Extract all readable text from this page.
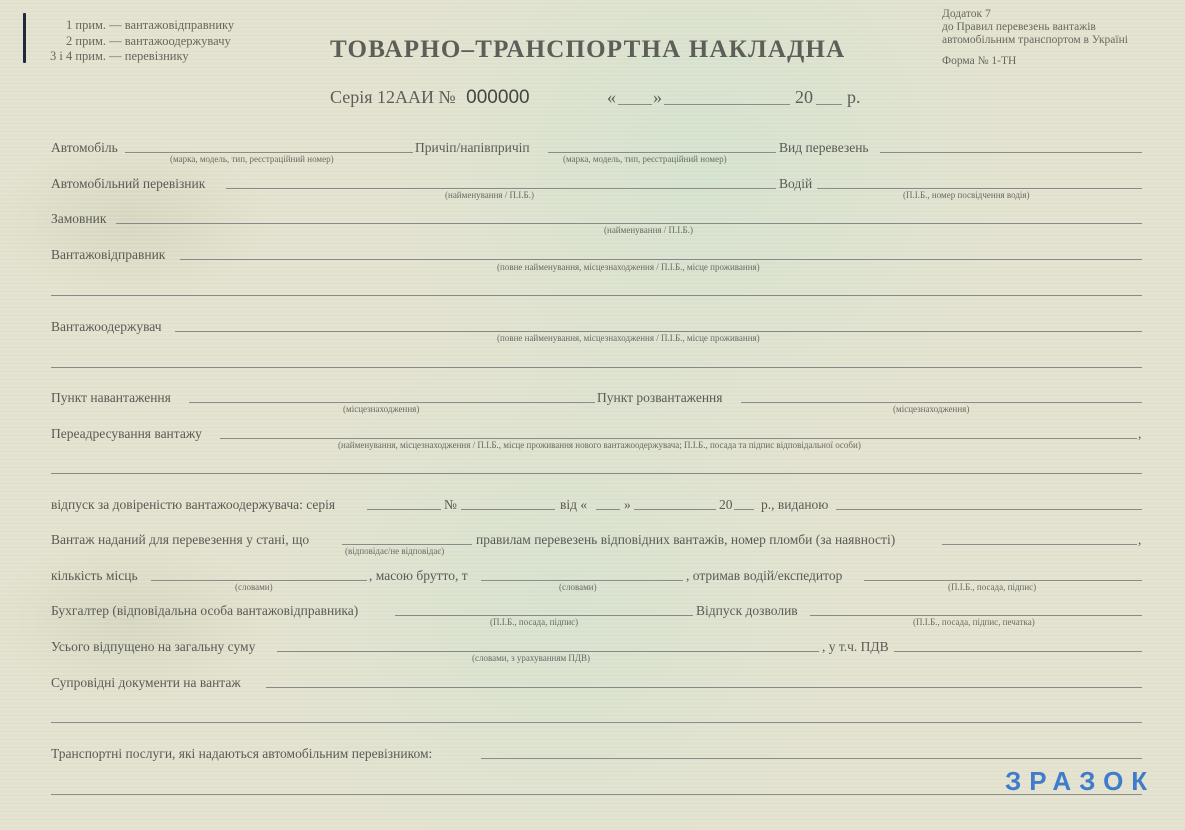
1 прим. — вантажовідправнику
2 прим. — вантажоодержувачу
3 і 4 прим. — перевізнику	ТОВАРНО–ТРАНСПОРТНА НАКЛАДНА
Серія 12ААИ № 000000	« »	20 р.
Додаток 7
до Правил перевезень вантажів
автомобільним транспортом в Україні
Форма № 1-ТН
Автомобіль
(марка, модель, тип, реєстраційний номер)
Причіп/напівпричіп
(марка, модель, тип, реєстраційний номер)
Вид перевезень
Автомобільний перевізник
(найменування / П.І.Б.)
Водій
(П.І.Б., номер посвідчення водія)
Замовник
(найменування / П.І.Б.)
Вантажовідправник
(повне найменування, місцезнаходження / П.І.Б., місце проживання)
Вантажоодержувач
(повне найменування, місцезнаходження / П.І.Б., місце проживання)
Пункт навантаження
(місцезнаходження)
Пункт розвантаження
(місцезнаходження)
Переадресування вантажу	,
(найменування, місцезнаходження / П.І.Б., місце проживання нового вантажоодержувача; П.І.Б., посада та підпис відповідальної особи)
відпуск за довіреністю вантажоодержувача: серія	№	від «	»	20 р., виданою
Вантаж наданий для перевезення у стані, що
(відповідає/не відповідає)
правилам перевезень відповідних вантажів, номер пломби (за наявності)	,
кількість місць
(словами)
, масою брутто, т
(словами)
, отримав водій/експедитор
(П.І.Б., посада, підпис)
Бухгалтер (відповідальна особа вантажовідправника)
(П.І.Б., посада, підпис)
Відпуск дозволив
(П.І.Б., посада, підпис, печатка)
Усього відпущено на загальну суму
(словами, з урахуванням ПДВ)
, у т.ч. ПДВ
Супровідні документи на вантаж
Транспортні послуги, які надаються автомобільним перевізником:
ЗРАЗОК
